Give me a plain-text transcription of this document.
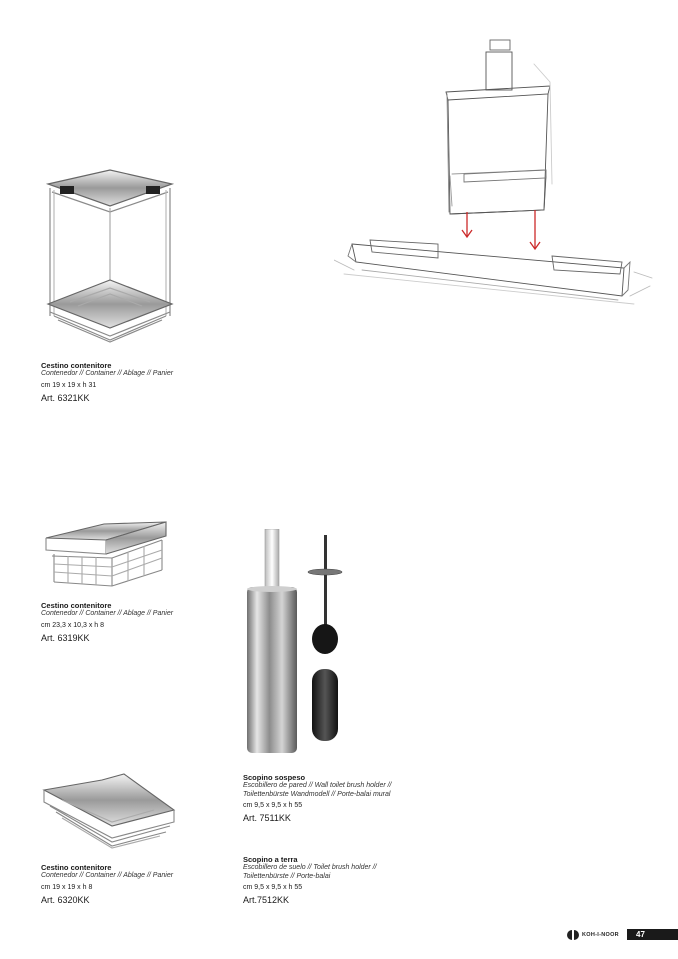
Cestino contenitore
Contenedor // Container // Ablage // Panier
cm 19 x 19 x h 31
Art. 6321KK
Cestino contenitore
Contenedor // Container // Ablage // Panier
cm 23,3 x 10,3 x h 8
Art. 6319KK
Cestino contenitore
Contenedor // Container // Ablage // Panier
cm 19 x 19 x h 8
Art. 6320KK
Scopino sospeso
Escobillero de pared // Wall toilet brush holder //
Toilettenbürste Wandmodell // Porte-balai mural
cm 9,5 x 9,5 x h 55
Art. 7511KK
Scopino a terra
Escobillero de suelo // Toilet brush holder //
Toilettenbürste // Porte-balai
cm 9,5 x 9,5 x h 55
Art.7512KK
KOH-I-NOOR	47
